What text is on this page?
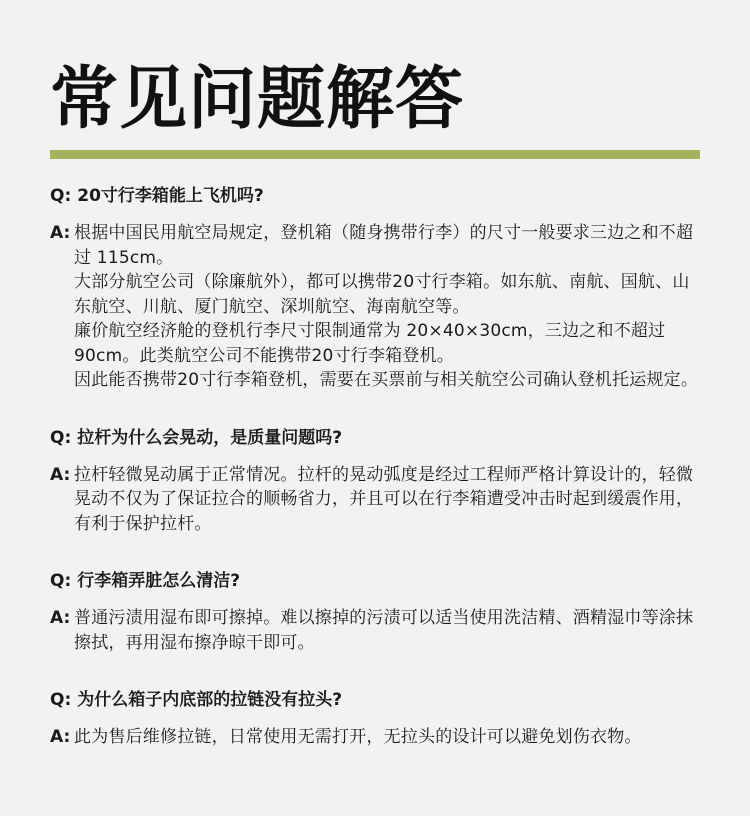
常见问题解答
Q: 20寸行李箱能上飞机吗?
A: 根据中国民用航空局规定，登机箱（随身携带行李）的尺寸一般要求三边之和不超过 115cm。

大部分航空公司（除廉航外），都可以携带20寸行李箱。如东航、南航、国航、山东航空、川航、厦门航空、深圳航空、海南航空等。

廉价航空经济舱的登机行李尺寸限制通常为 20×40×30cm，三边之和不超过 90cm。此类航空公司不能携带20寸行李箱登机。

因此能否携带20寸行李箱登机，需要在买票前与相关航空公司确认登机托运规定。

Q: 拉杆为什么会晃动，是质量问题吗?
A: 拉杆轻微晃动属于正常情况。拉杆的晃动弧度是经过工程师严格计算设计的，轻微晃动不仅为了保证拉合的顺畅省力，并且可以在行李箱遭受冲击时起到缓震作用，有利于保护拉杆。

Q: 行李箱弄脏怎么清洁?
A: 普通污渍用湿布即可擦掉。难以擦掉的污渍可以适当使用洗洁精、酒精湿巾等涂抹擦拭，再用湿布擦净晾干即可。

Q: 为什么箱子内底部的拉链没有拉头?
A: 此为售后维修拉链，日常使用无需打开，无拉头的设计可以避免划伤衣物。
